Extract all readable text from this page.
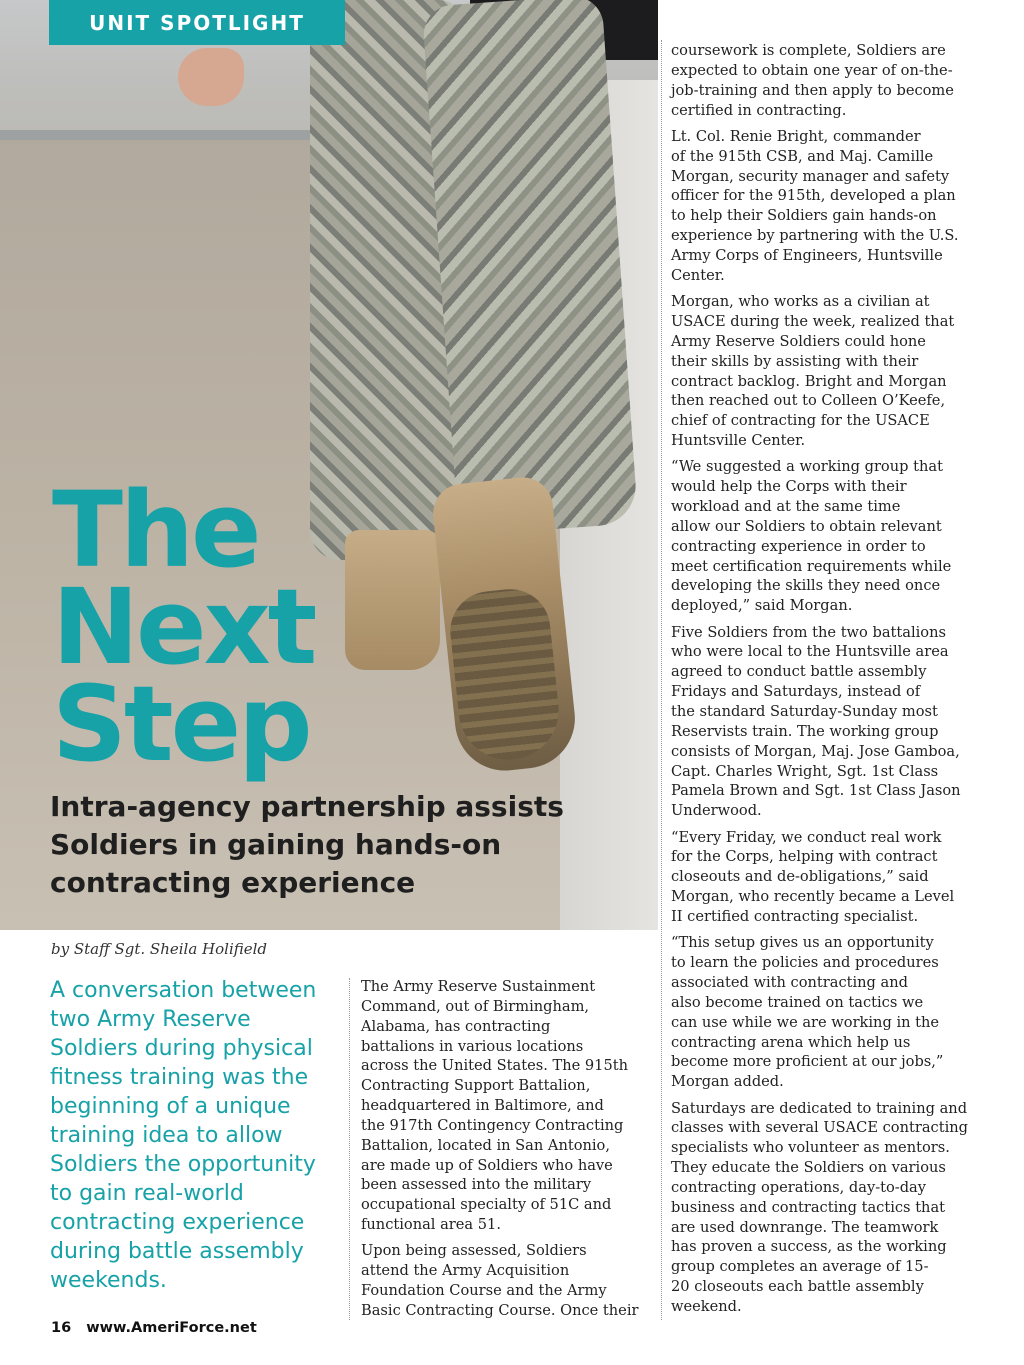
UNIT SPOTLIGHT
The
Next
Step
Intra-agency partnership assists
Soldiers in gaining hands-on
contracting experience
by Staff Sgt. Sheila Holifield

A conversation between
two Army Reserve
Soldiers during physical
fitness training was the
beginning of a unique
training idea to allow
Soldiers the opportunity
to gain real-world
contracting experience
during battle assembly
weekends.

16 www.AmeriForce.net

The Army Reserve Sustainment
Command, out of Birmingham,
Alabama, has contracting
battalions in various locations
across the United States. The 915th
Contracting Support Battalion,
headquartered in Baltimore, and
the 917th Contingency Contracting
Battalion, located in San Antonio,
are made up of Soldiers who have
been assessed into the military
occupational specialty of 51C and
functional area 51.

Upon being assessed, Soldiers
attend the Army Acquisition
Foundation Course and the Army
Basic Contracting Course. Once their

coursework is complete, Soldiers are
expected to obtain one year of on-the-
job-training and then apply to become
certified in contracting.

Lt. Col. Renie Bright, commander
of the 915th CSB, and Maj. Camille
Morgan, security manager and safety
officer for the 915th, developed a plan
to help their Soldiers gain hands-on
experience by partnering with the U.S.
Army Corps of Engineers, Huntsville
Center.

Morgan, who works as a civilian at
USACE during the week, realized that
Army Reserve Soldiers could hone
their skills by assisting with their
contract backlog. Bright and Morgan
then reached out to Colleen O’Keefe,
chief of contracting for the USACE
Huntsville Center.

“We suggested a working group that
would help the Corps with their
workload and at the same time
allow our Soldiers to obtain relevant
contracting experience in order to
meet certification requirements while
developing the skills they need once
deployed,” said Morgan.

Five Soldiers from the two battalions
who were local to the Huntsville area
agreed to conduct battle assembly
Fridays and Saturdays, instead of
the standard Saturday-Sunday most
Reservists train. The working group
consists of Morgan, Maj. Jose Gamboa,
Capt. Charles Wright, Sgt. 1st Class
Pamela Brown and Sgt. 1st Class Jason
Underwood.

“Every Friday, we conduct real work
for the Corps, helping with contract
closeouts and de-obligations,” said
Morgan, who recently became a Level
II certified contracting specialist.

“This setup gives us an opportunity
to learn the policies and procedures
associated with contracting and
also become trained on tactics we
can use while we are working in the
contracting arena which help us
become more proficient at our jobs,”
Morgan added.

Saturdays are dedicated to training and
classes with several USACE contracting
specialists who volunteer as mentors.
They educate the Soldiers on various
contracting operations, day-to-day
business and contracting tactics that
are used downrange. The teamwork
has proven a success, as the working
group completes an average of 15-
20 closeouts each battle assembly
weekend.
